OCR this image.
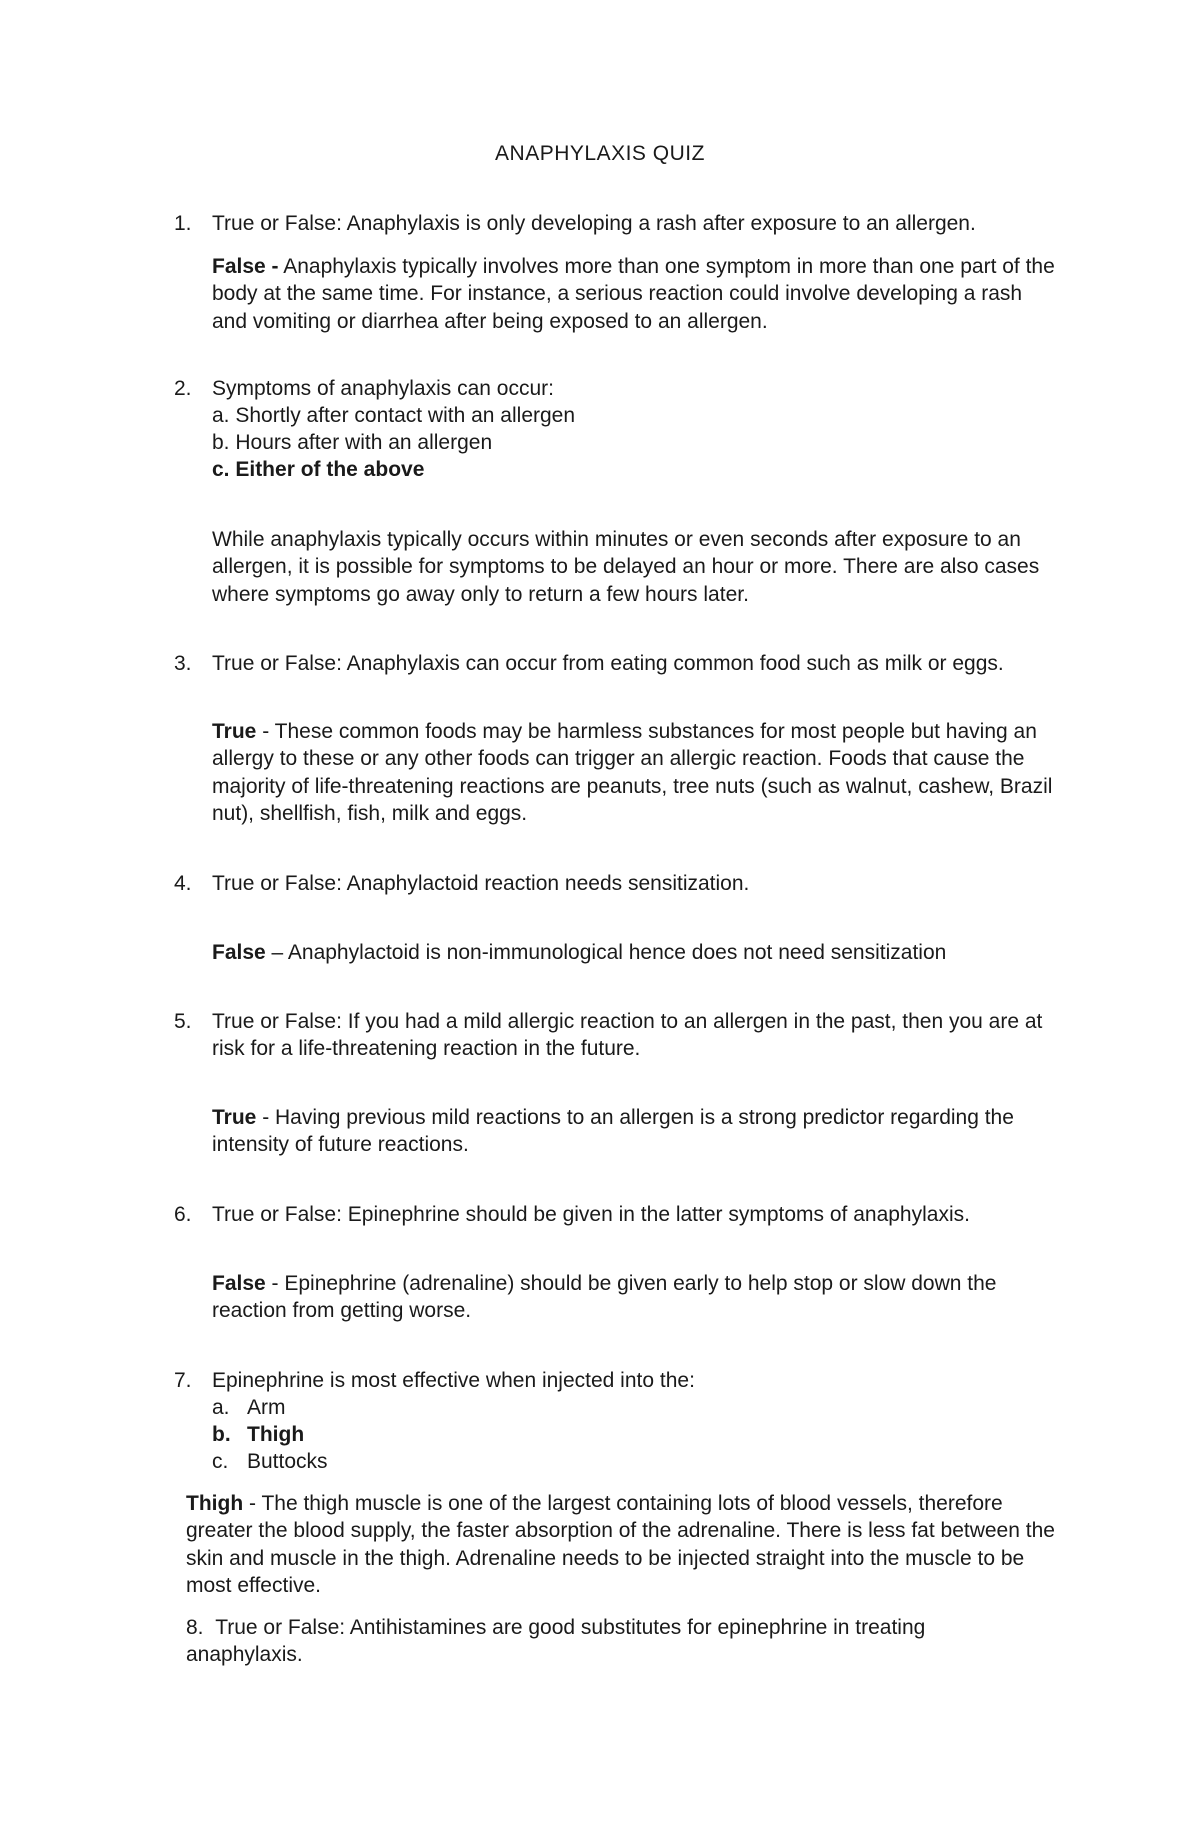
ANAPHYLAXIS QUIZ
1. True or False: Anaphylaxis is only developing a rash after exposure to an allergen.
False - Anaphylaxis typically involves more than one symptom in more than one part of the body at the same time. For instance, a serious reaction could involve developing a rash and vomiting or diarrhea after being exposed to an allergen.
2. Symptoms of anaphylaxis can occur:
a. Shortly after contact with an allergen
b. Hours after with an allergen
c. Either of the above
While anaphylaxis typically occurs within minutes or even seconds after exposure to an allergen, it is possible for symptoms to be delayed an hour or more. There are also cases where symptoms go away only to return a few hours later.
3. True or False: Anaphylaxis can occur from eating common food such as milk or eggs.
True - These common foods may be harmless substances for most people but having an allergy to these or any other foods can trigger an allergic reaction. Foods that cause the majority of life-threatening reactions are peanuts, tree nuts (such as walnut, cashew, Brazil nut), shellfish, fish, milk and eggs.
4. True or False: Anaphylactoid reaction needs sensitization.
False – Anaphylactoid is non-immunological hence does not need sensitization
5. True or False: If you had a mild allergic reaction to an allergen in the past, then you are at risk for a life-threatening reaction in the future.
True - Having previous mild reactions to an allergen is a strong predictor regarding the intensity of future reactions.
6. True or False: Epinephrine should be given in the latter symptoms of anaphylaxis.
False - Epinephrine (adrenaline) should be given early to help stop or slow down the reaction from getting worse.
7. Epinephrine is most effective when injected into the:
a. Arm
b. Thigh
c. Buttocks
Thigh - The thigh muscle is one of the largest containing lots of blood vessels, therefore greater the blood supply, the faster absorption of the adrenaline. There is less fat between the skin and muscle in the thigh. Adrenaline needs to be injected straight into the muscle to be most effective.
8. True or False: Antihistamines are good substitutes for epinephrine in treating anaphylaxis.
